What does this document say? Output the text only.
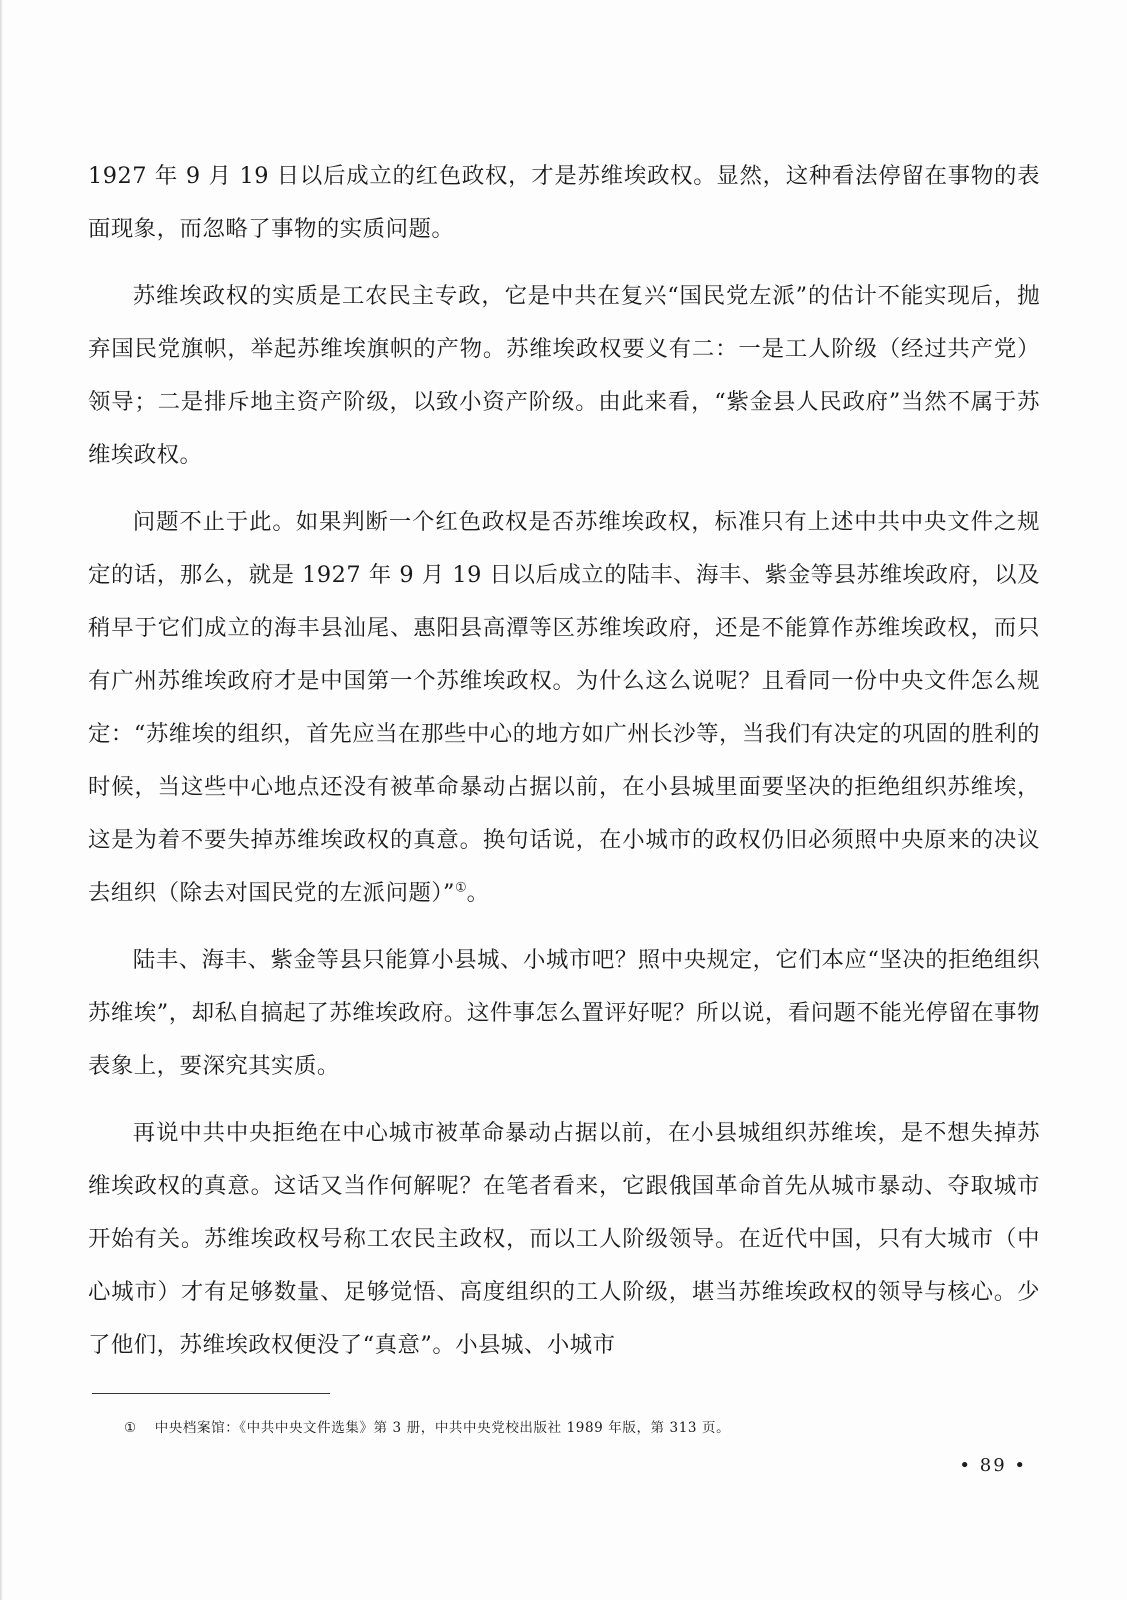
1927 年 9 月 19 日以后成立的红色政权，才是苏维埃政权。显然，这种看法停留在事物的表面现象，而忽略了事物的实质问题。

苏维埃政权的实质是工农民主专政，它是中共在复兴“国民党左派”的估计不能实现后，抛弃国民党旗帜，举起苏维埃旗帜的产物。苏维埃政权要义有二：一是工人阶级（经过共产党）领导；二是排斥地主资产阶级，以致小资产阶级。由此来看，“紫金县人民政府”当然不属于苏维埃政权。

问题不止于此。如果判断一个红色政权是否苏维埃政权，标准只有上述中共中央文件之规定的话，那么，就是 1927 年 9 月 19 日以后成立的陆丰、海丰、紫金等县苏维埃政府，以及稍早于它们成立的海丰县汕尾、惠阳县高潭等区苏维埃政府，还是不能算作苏维埃政权，而只有广州苏维埃政府才是中国第一个苏维埃政权。为什么这么说呢？且看同一份中央文件怎么规定：“苏维埃的组织，首先应当在那些中心的地方如广州长沙等，当我们有决定的巩固的胜利的时候，当这些中心地点还没有被革命暴动占据以前，在小县城里面要坚决的拒绝组织苏维埃，这是为着不要失掉苏维埃政权的真意。换句话说，在小城市的政权仍旧必须照中央原来的决议去组织（除去对国民党的左派问题）”①。

陆丰、海丰、紫金等县只能算小县城、小城市吧？照中央规定，它们本应“坚决的拒绝组织苏维埃”，却私自搞起了苏维埃政府。这件事怎么置评好呢？所以说，看问题不能光停留在事物表象上，要深究其实质。

再说中共中央拒绝在中心城市被革命暴动占据以前，在小县城组织苏维埃，是不想失掉苏维埃政权的真意。这话又当作何解呢？在笔者看来，它跟俄国革命首先从城市暴动、夺取城市开始有关。苏维埃政权号称工农民主政权，而以工人阶级领导。在近代中国，只有大城市（中心城市）才有足够数量、足够觉悟、高度组织的工人阶级，堪当苏维埃政权的领导与核心。少了他们，苏维埃政权便没了“真意”。小县城、小城市

① 中央档案馆：《中共中央文件选集》第 3 册，中共中央党校出版社 1989 年版，第 313 页。
• 89 •
